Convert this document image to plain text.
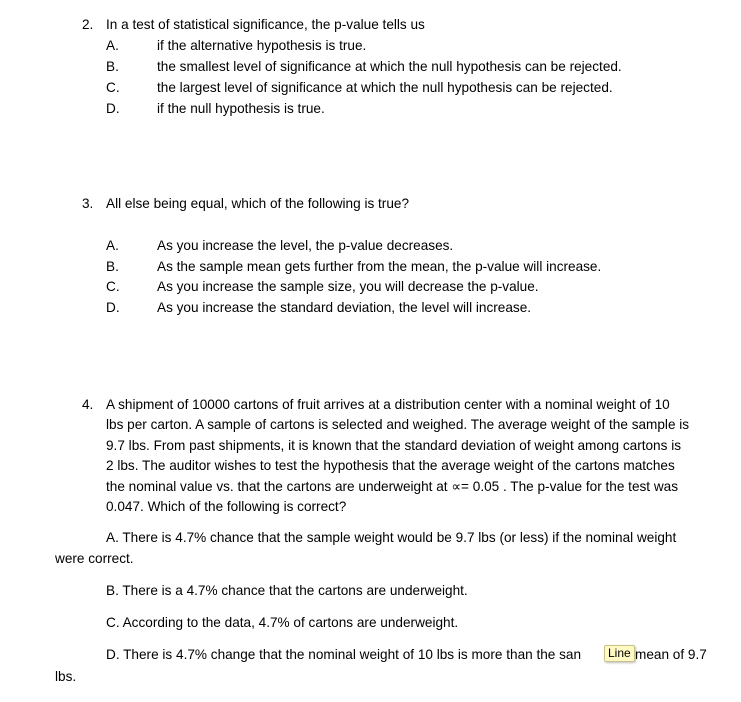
2. In a test of statistical significance, the p-value tells us
A.	if the alternative hypothesis is true.
B.	the smallest level of significance at which the null hypothesis can be rejected.
C.	the largest level of significance at which the null hypothesis can be rejected.
D.	if the null hypothesis is true.
3. All else being equal, which of the following is true?
A.	As you increase the level, the p-value decreases.
B.	As the sample mean gets further from the mean, the p-value will increase.
C.	As you increase the sample size, you will decrease the p-value.
D.	As you increase the standard deviation, the level will increase.
4. A shipment of 10000 cartons of fruit arrives at a distribution center with a nominal weight of 10
lbs per carton. A sample of cartons is selected and weighed. The average weight of the sample is
9.7 lbs. From past shipments, it is known that the standard deviation of weight among cartons is
2 lbs. The auditor wishes to test the hypothesis that the average weight of the cartons matches
the nominal value vs. that the cartons are underweight at ∝= 0.05 . The p-value for the test was
0.047. Which of the following is correct?
A. There is 4.7% chance that the sample weight would be 9.7 lbs (or less) if the nominal weight
were correct.
B. There is a 4.7% chance that the cartons are underweight.
C. According to the data, 4.7% of cartons are underweight.
D. There is 4.7% change that the nominal weight of 10 lbs is more than the san	mean of 9.7
lbs.
Line
